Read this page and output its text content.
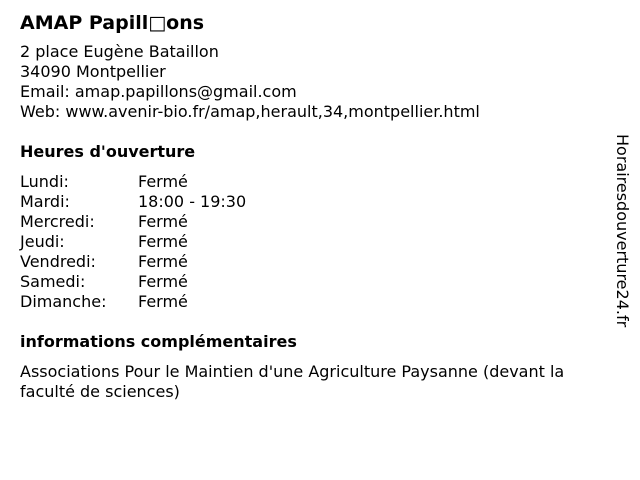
AMAP Papill□ons
2 place Eugène Bataillon
34090 Montpellier
Email: amap.papillons@gmail.com
Web: www.avenir-bio.fr/amap,herault,34,montpellier.html
Heures d'ouverture
Lundi:	Fermé
Mardi:	18:00 - 19:30
Mercredi:	Fermé
Jeudi:	Fermé
Vendredi:	Fermé
Samedi:	Fermé
Dimanche:	Fermé
informations complémentaires
Associations Pour le Maintien d'une Agriculture Paysanne (devant la faculté de sciences)
Horairesdouverture24.fr
